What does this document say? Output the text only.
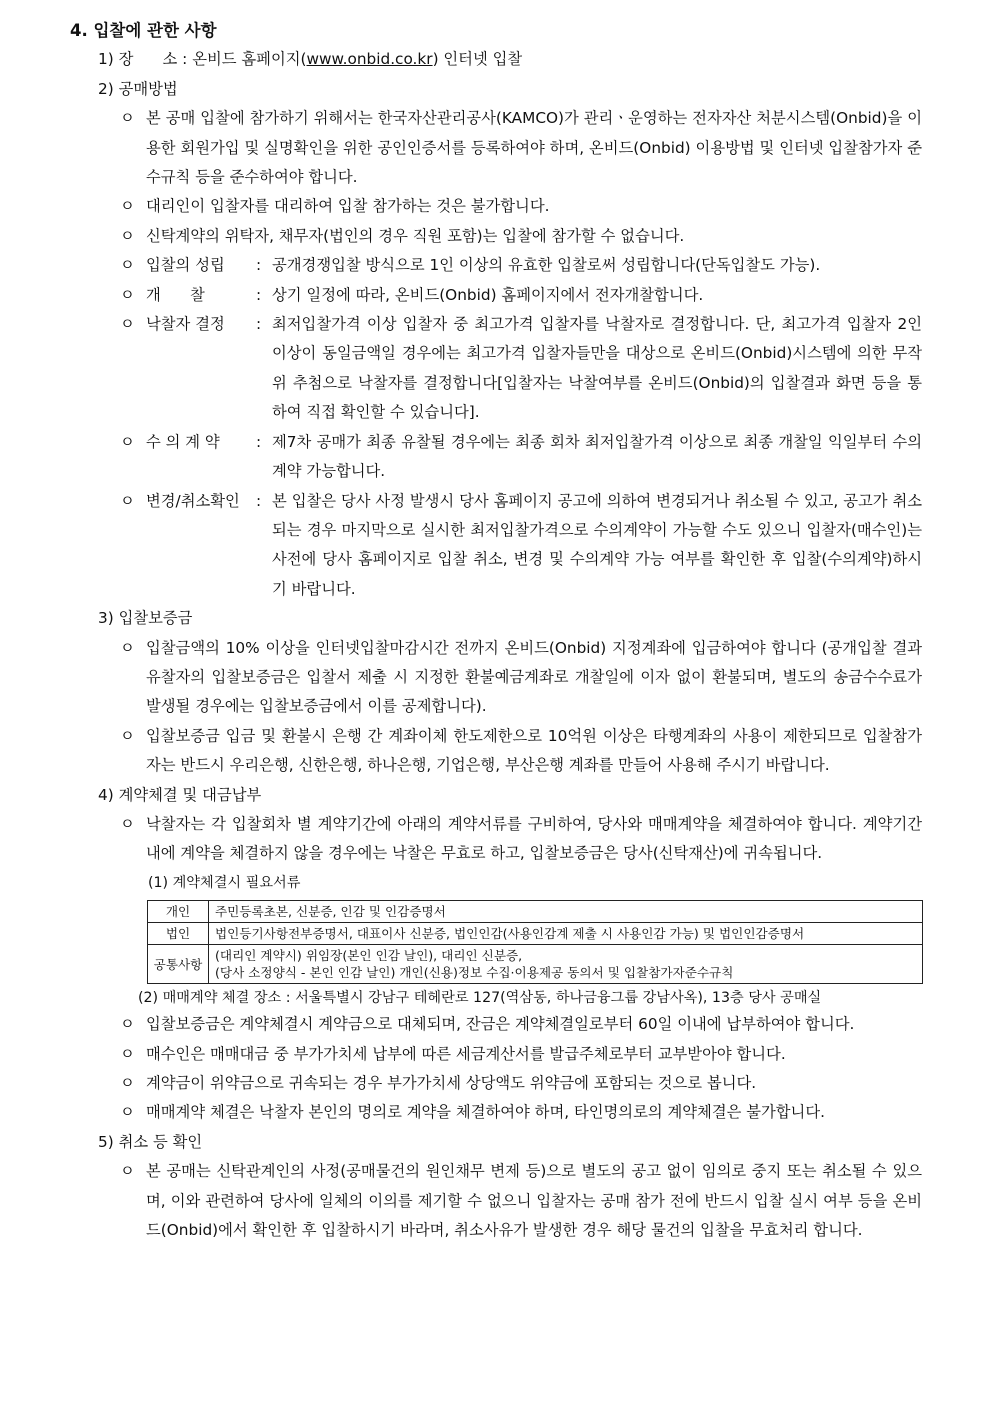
4. 입찰에 관한 사항
1) 장      소 : 온비드 홈페이지(www.onbid.co.kr) 인터넷 입찰
2) 공매방법
ㅇ 본 공매 입찰에 참가하기 위해서는 한국자산관리공사(KAMCO)가 관리ㆍ운영하는 전자자산 처분시스템(Onbid)을 이용한 회원가입 및 실명확인을 위한 공인인증서를 등록하여야 하며, 온비드(Onbid) 이용방법 및 인터넷 입찰참가자 준수규칙 등을 준수하여야 합니다.
ㅇ 대리인이 입찰자를 대리하여 입찰 참가하는 것은 불가합니다.
ㅇ 신탁계약의 위탁자, 채무자(법인의 경우 직원 포함)는 입찰에 참가할 수 없습니다.
ㅇ 입찰의 성립	: 공개경쟁입찰 방식으로 1인 이상의 유효한 입찰로써 성립합니다(단독입찰도 가능).
ㅇ 개      찰	: 상기 일정에 따라, 온비드(Onbid) 홈페이지에서 전자개찰합니다.
ㅇ 낙찰자 결정	: 최저입찰가격 이상 입찰자 중 최고가격 입찰자를 낙찰자로 결정합니다. 단, 최고가격 입찰자 2인 이상이 동일금액일 경우에는 최고가격 입찰자들만을 대상으로 온비드(Onbid)시스템에 의한 무작위 추첨으로 낙찰자를 결정합니다[입찰자는 낙찰여부를 온비드(Onbid)의 입찰결과 화면 등을 통하여 직접 확인할 수 있습니다].
ㅇ 수 의 계 약	: 제7차 공매가 최종 유찰될 경우에는 최종 회차 최저입찰가격 이상으로 최종 개찰일 익일부터 수의계약 가능합니다.
ㅇ 변경/취소확인	: 본 입찰은 당사 사정 발생시 당사 홈페이지 공고에 의하여 변경되거나 취소될 수 있고, 공고가 취소되는 경우 마지막으로 실시한 최저입찰가격으로 수의계약이 가능할 수도 있으니 입찰자(매수인)는 사전에 당사 홈페이지로 입찰 취소, 변경 및 수의계약 가능 여부를 확인한 후 입찰(수의계약)하시기 바랍니다.
3) 입찰보증금
ㅇ 입찰금액의 10% 이상을 인터넷입찰마감시간 전까지 온비드(Onbid) 지정계좌에 입금하여야 합니다 (공개입찰 결과 유찰자의 입찰보증금은 입찰서 제출 시 지정한 환불예금계좌로 개찰일에 이자 없이 환불되며, 별도의 송금수수료가 발생될 경우에는 입찰보증금에서 이를 공제합니다).
ㅇ 입찰보증금 입금 및 환불시 은행 간 계좌이체 한도제한으로 10억원 이상은 타행계좌의 사용이 제한되므로 입찰참가자는 반드시 우리은행, 신한은행, 하나은행, 기업은행, 부산은행 계좌를 만들어 사용해 주시기 바랍니다.
4) 계약체결 및 대금납부
ㅇ 낙찰자는 각 입찰회차 별 계약기간에 아래의 계약서류를 구비하여, 당사와 매매계약을 체결하여야 합니다. 계약기간 내에 계약을 체결하지 않을 경우에는 낙찰은 무효로 하고, 입찰보증금은 당사(신탁재산)에 귀속됩니다.
(1) 계약체결시 필요서류
개인	주민등록초본, 신분증, 인감 및 인감증명서
법인	법인등기사항전부증명서, 대표이사 신분증, 법인인감(사용인감계 제출 시 사용인감 가능) 및 법인인감증명서
공통사항	(대리인 계약시) 위임장(본인 인감 날인), 대리인 신분증,
(당사 소정양식 - 본인 인감 날인) 개인(신용)정보 수집·이용제공 동의서 및 입찰참가자준수규칙
(2) 매매계약 체결 장소 : 서울특별시 강남구 테헤란로 127(역삼동, 하나금융그룹 강남사옥), 13층 당사 공매실
ㅇ 입찰보증금은 계약체결시 계약금으로 대체되며, 잔금은 계약체결일로부터 60일 이내에 납부하여야 합니다.
ㅇ 매수인은 매매대금 중 부가가치세 납부에 따른 세금계산서를 발급주체로부터 교부받아야 합니다.
ㅇ 계약금이 위약금으로 귀속되는 경우 부가가치세 상당액도 위약금에 포함되는 것으로 봅니다.
ㅇ 매매계약 체결은 낙찰자 본인의 명의로 계약을 체결하여야 하며, 타인명의로의 계약체결은 불가합니다.
5) 취소 등 확인
ㅇ 본 공매는 신탁관계인의 사정(공매물건의 원인채무 변제 등)으로 별도의 공고 없이 임의로 중지 또는 취소될 수 있으며, 이와 관련하여 당사에 일체의 이의를 제기할 수 없으니 입찰자는 공매 참가 전에 반드시 입찰 실시 여부 등을 온비드(Onbid)에서 확인한 후 입찰하시기 바라며, 취소사유가 발생한 경우 해당 물건의 입찰을 무효처리 합니다.
